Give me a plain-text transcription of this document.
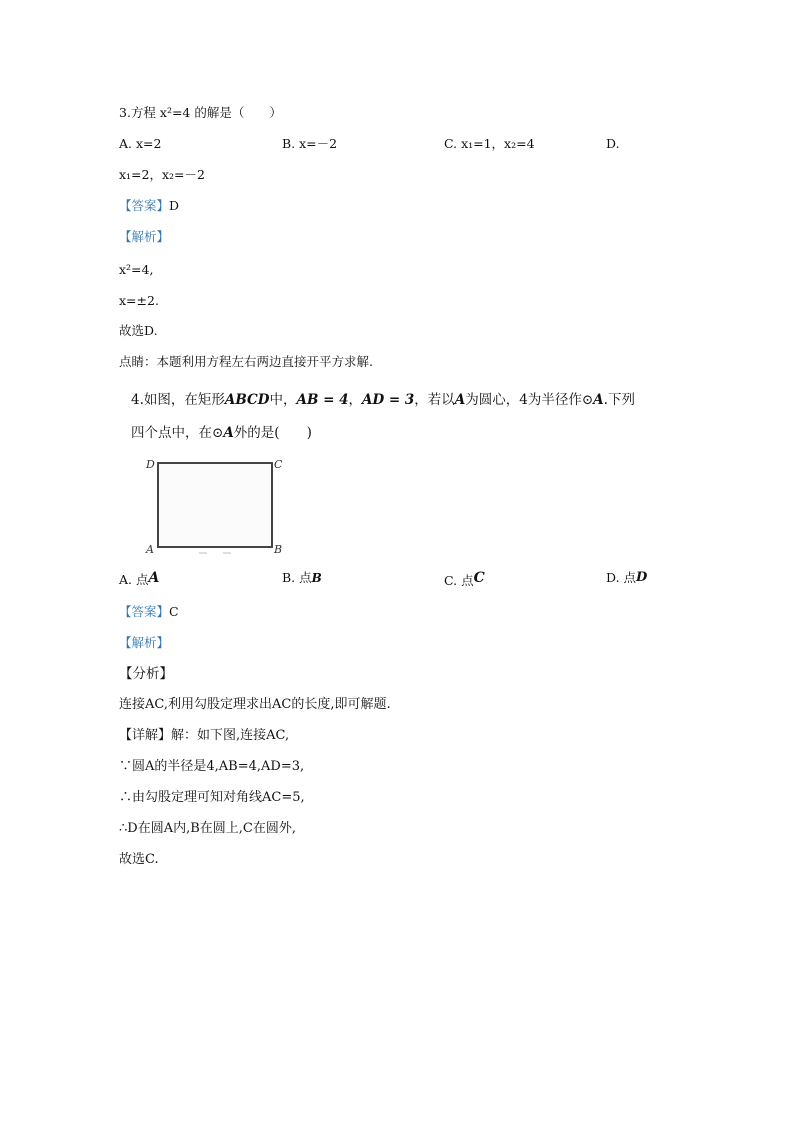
3.方程 x²=4 的解是（　　）
A. x=2	B. x=－2	C. x₁=1，x₂=4	D.
x₁=2，x₂=－2
【答案】D
【解析】
x²=4,
x=±2.
故选D.
点睛：本题利用方程左右两边直接开平方求解.
4.如图，在矩形ABCD中，AB = 4，AD = 3，若以A为圆心，4为半径作⊙A.下列
四个点中，在⊙A外的是(　　)
D	C
A	B
A. 点A	B. 点B	C. 点C	D. 点D
【答案】C
【解析】
【分析】
连接AC,利用勾股定理求出AC的长度,即可解题.
【详解】解：如下图,连接AC,
∵圆A的半径是4,AB=4,AD=3,
∴由勾股定理可知对角线AC=5,
∴D在圆A内,B在圆上,C在圆外,
故选C.
